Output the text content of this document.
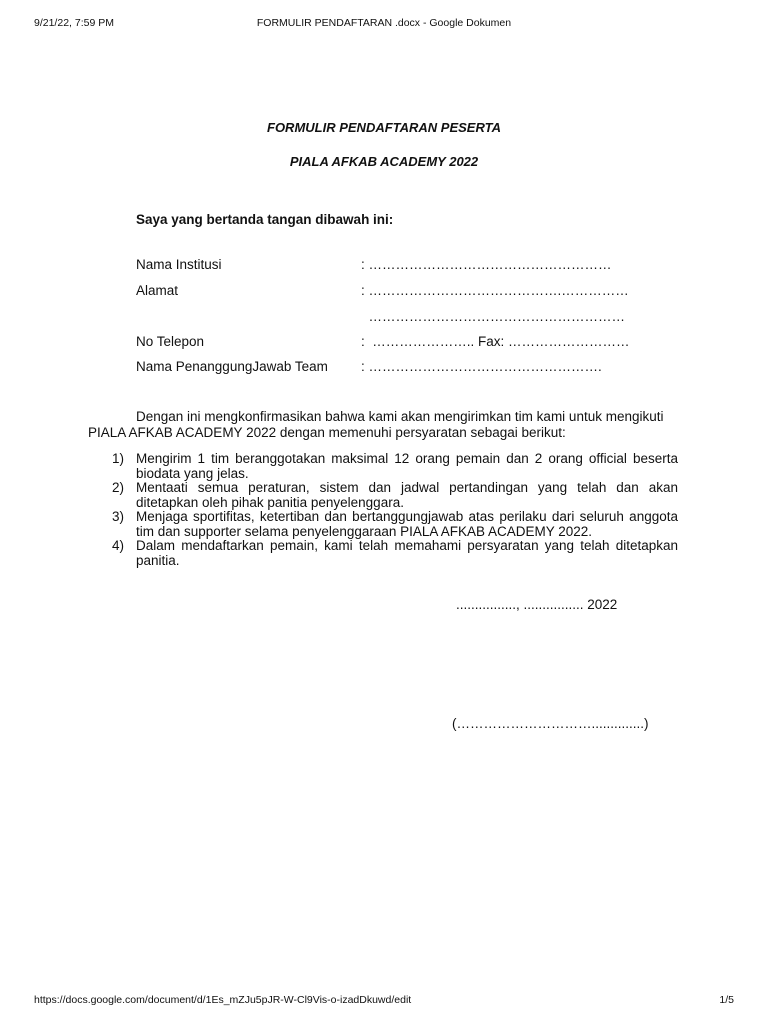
9/21/22, 7:59 PM	FORMULIR PENDAFTARAN .docx - Google Dokumen
FORMULIR PENDAFTARAN PESERTA
PIALA AFKAB ACADEMY 2022
Saya yang bertanda tangan dibawah ini:
Nama Institusi	: ………………………………………………
Alamat	: …………………………………….……………
…………………………………………………
No Telepon	:  ………………….. Fax: ………………………
Nama PenanggungJawab Team : …………………………………………….
Dengan ini mengkonfirmasikan bahwa kami akan mengirimkan tim kami untuk mengikuti
PIALA AFKAB ACADEMY 2022 dengan memenuhi persyaratan sebagai berikut:
1) Mengirim 1 tim beranggotakan maksimal 12 orang pemain dan 2 orang official beserta biodata yang jelas.
2) Mentaati semua peraturan, sistem dan jadwal pertandingan yang telah dan akan ditetapkan oleh pihak panitia penyelenggara.
3) Menjaga sportifitas, ketertiban dan bertanggungjawab atas perilaku dari seluruh anggota tim dan supporter selama penyelenggaraan PIALA AFKAB ACADEMY 2022.
4) Dalam mendaftarkan pemain, kami telah memahami persyaratan yang telah ditetapkan panitia.
................, ................ 2022
(…………………………..............)
https://docs.google.com/document/d/1Es_mZJu5pJR-W-Cl9Vis-o-izadDkuwd/edit	1/5
